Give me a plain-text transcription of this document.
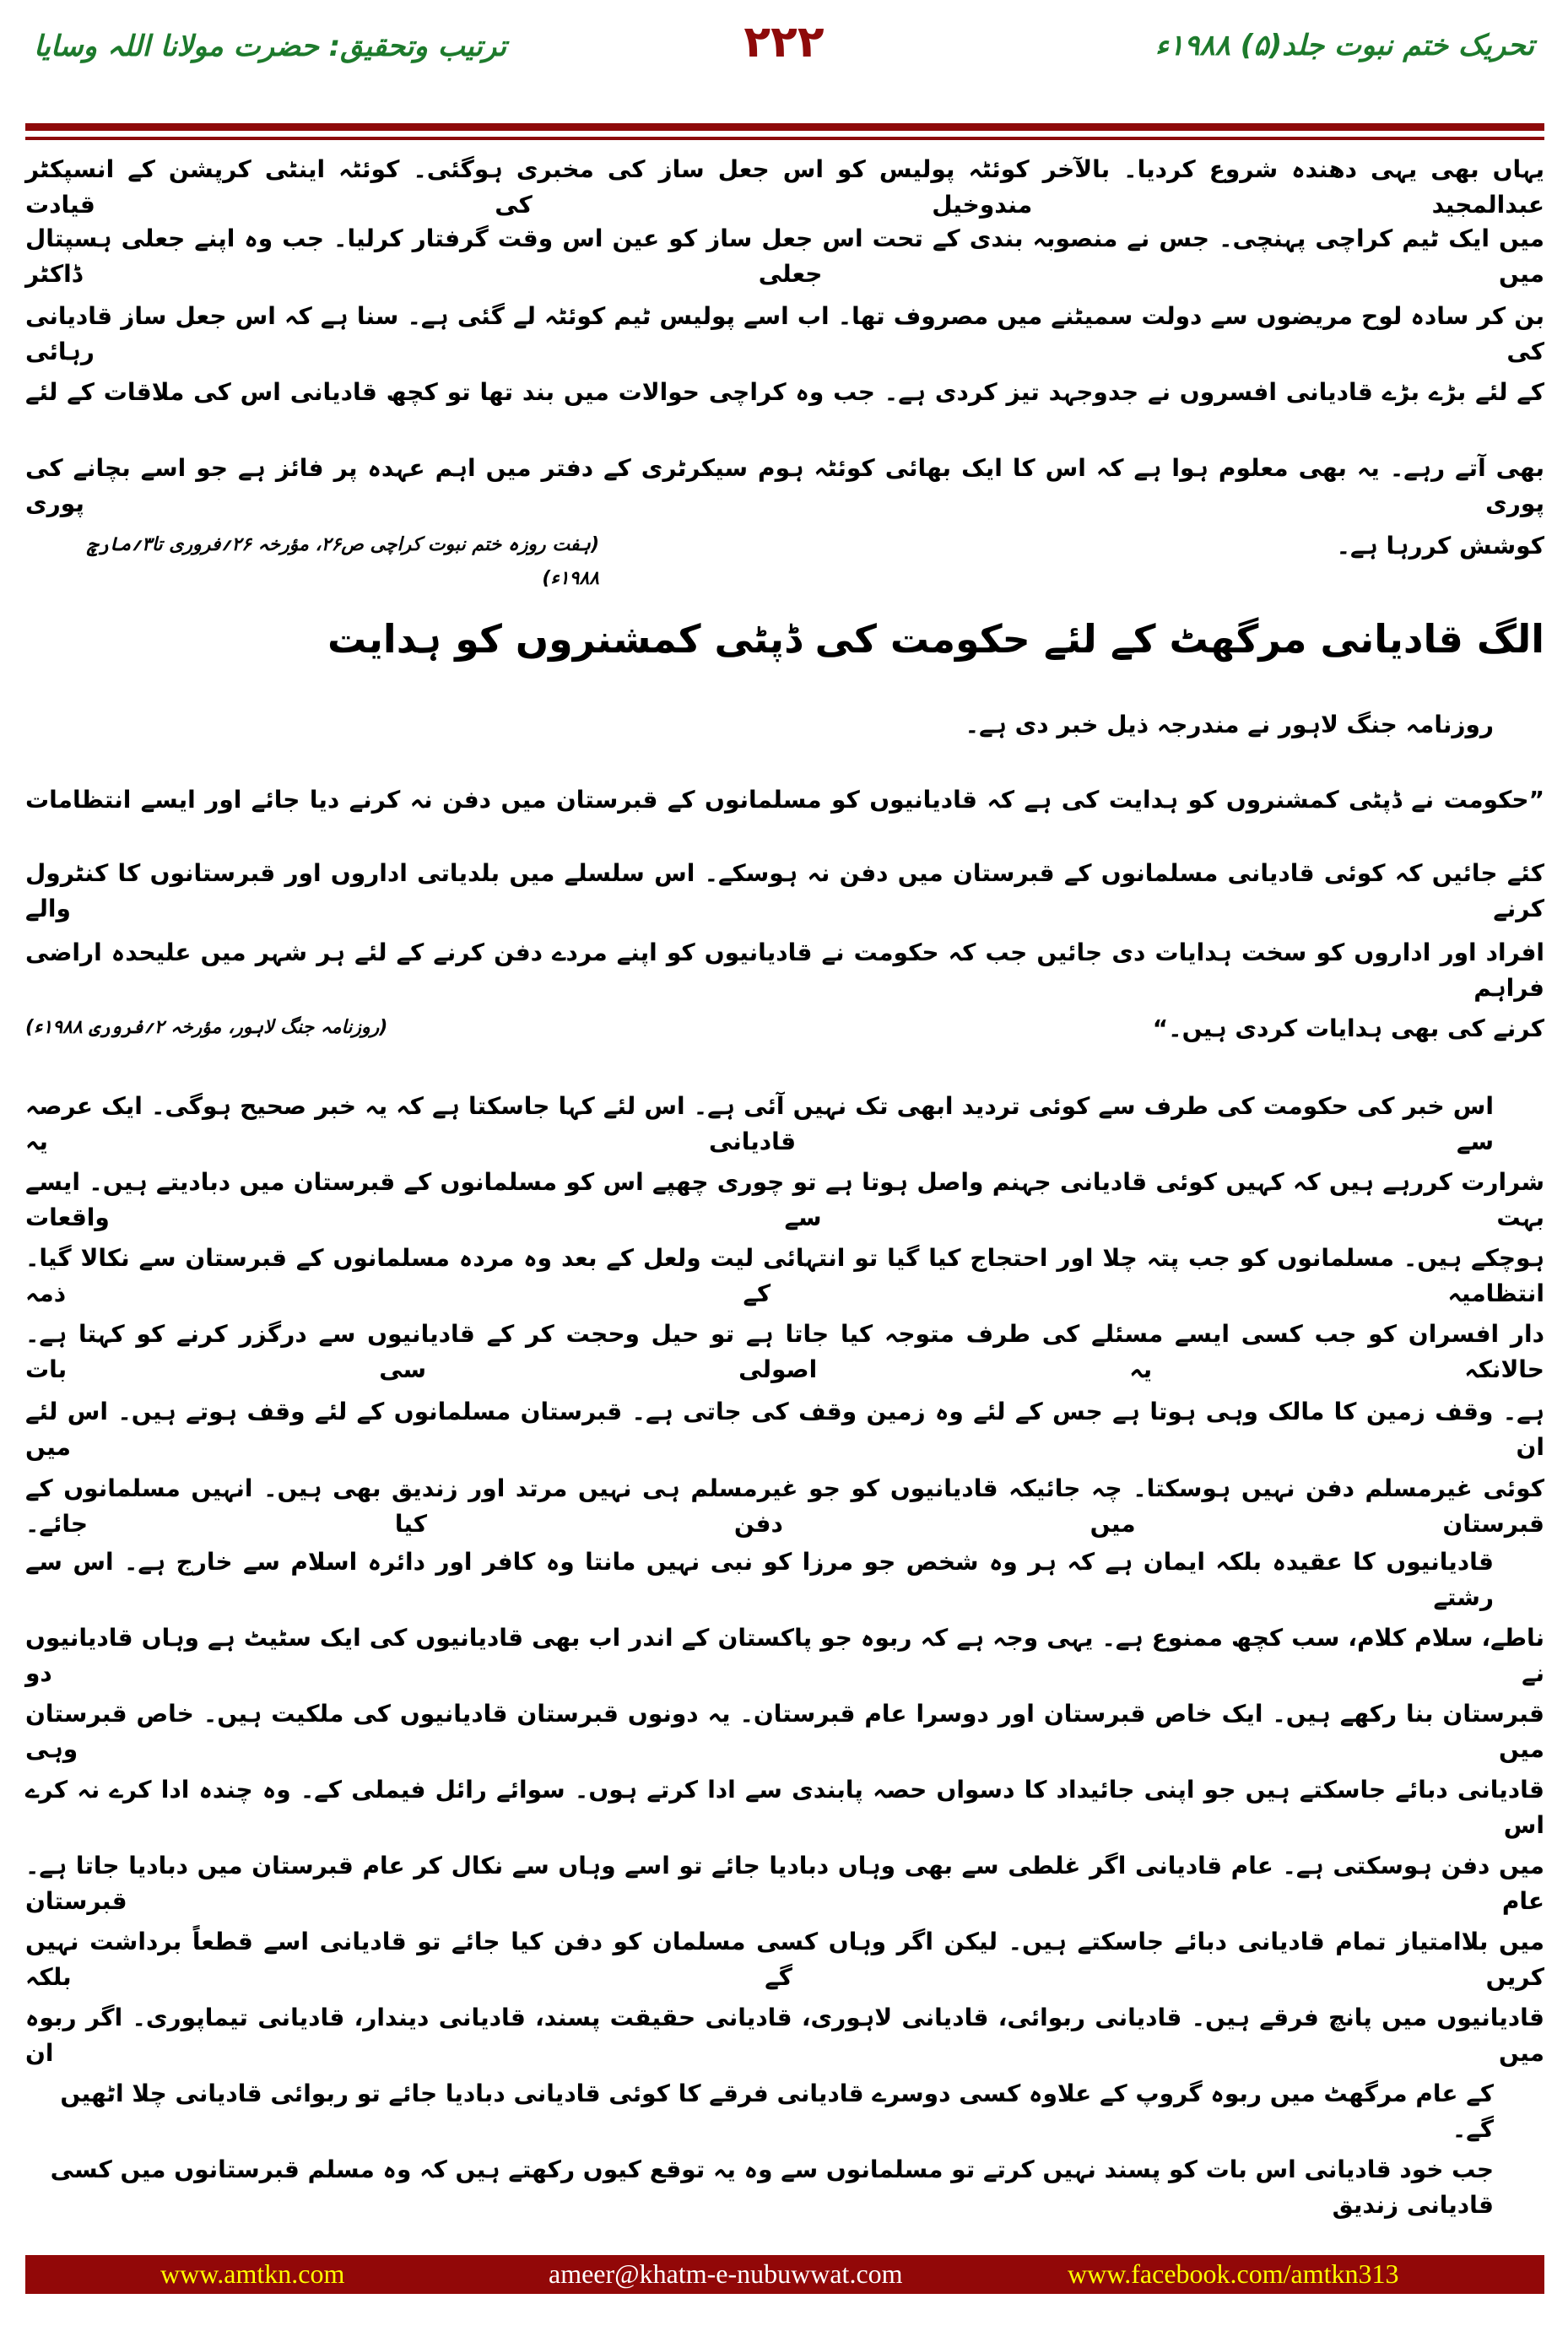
تحریک ختم نبوت جلد(۵) ۱۹۸۸ء
۲۲۲
ترتیب وتحقیق: حضرت مولانا اللہ وسایا
یہاں بھی یہی دھندہ شروع کردیا۔ بالآخر کوئٹہ پولیس کو اس جعل ساز کی مخبری ہوگئی۔ کوئٹہ اینٹی کرپشن کے انسپکٹر عبدالمجید مندوخیل کی قیادت
میں ایک ٹیم کراچی پہنچی۔ جس نے منصوبہ بندی کے تحت اس جعل ساز کو عین اس وقت گرفتار کرلیا۔ جب وہ اپنے جعلی ہسپتال میں جعلی ڈاکٹر
بن کر سادہ لوح مریضوں سے دولت سمیٹنے میں مصروف تھا۔ اب اسے پولیس ٹیم کوئٹہ لے گئی ہے۔ سنا ہے کہ اس جعل ساز قادیانی کی رہائی
کے لئے بڑے بڑے قادیانی افسروں نے جدوجہد تیز کردی ہے۔ جب وہ کراچی حوالات میں بند تھا تو کچھ قادیانی اس کی ملاقات کے لئے
بھی آتے رہے۔ یہ بھی معلوم ہوا ہے کہ اس کا ایک بھائی کوئٹہ ہوم سیکرٹری کے دفتر میں اہم عہدہ پر فائز ہے جو اسے بچانے کی پوری پوری
کوشش کررہا ہے۔
(ہفت روزہ ختم نبوت کراچی ص۲۶، مؤرخہ ۲۶؍فروری تا۳؍مارچ ۱۹۸۸ء)
الگ قادیانی مرگھٹ کے لئے حکومت کی ڈپٹی کمشنروں کو ہدایت
روزنامہ جنگ لاہور نے مندرجہ ذیل خبر دی ہے۔
”حکومت نے ڈپٹی کمشنروں کو ہدایت کی ہے کہ قادیانیوں کو مسلمانوں کے قبرستان میں دفن نہ کرنے دیا جائے اور ایسے انتظامات
کئے جائیں کہ کوئی قادیانی مسلمانوں کے قبرستان میں دفن نہ ہوسکے۔ اس سلسلے میں بلدیاتی اداروں اور قبرستانوں کا کنٹرول کرنے والے
افراد اور اداروں کو سخت ہدایات دی جائیں جب کہ حکومت نے قادیانیوں کو اپنے مردے دفن کرنے کے لئے ہر شہر میں علیحدہ اراضی فراہم
کرنے کی بھی ہدایات کردی ہیں۔“
(روزنامہ جنگ لاہور، مؤرخہ ۲؍فروری ۱۹۸۸ء)
اس خبر کی حکومت کی طرف سے کوئی تردید ابھی تک نہیں آئی ہے۔ اس لئے کہا جاسکتا ہے کہ یہ خبر صحیح ہوگی۔ ایک عرصہ سے قادیانی یہ
شرارت کررہے ہیں کہ کہیں کوئی قادیانی جہنم واصل ہوتا ہے تو چوری چھپے اس کو مسلمانوں کے قبرستان میں دبادیتے ہیں۔ ایسے بہت سے واقعات
ہوچکے ہیں۔ مسلمانوں کو جب پتہ چلا اور احتجاج کیا گیا تو انتہائی لیت ولعل کے بعد وہ مردہ مسلمانوں کے قبرستان سے نکالا گیا۔ انتظامیہ کے ذمہ
دار افسران کو جب کسی ایسے مسئلے کی طرف متوجہ کیا جاتا ہے تو حیل وحجت کر کے قادیانیوں سے درگزر کرنے کو کہتا ہے۔ حالانکہ یہ اصولی سی بات
ہے۔ وقف زمین کا مالک وہی ہوتا ہے جس کے لئے وہ زمین وقف کی جاتی ہے۔ قبرستان مسلمانوں کے لئے وقف ہوتے ہیں۔ اس لئے ان میں
کوئی غیرمسلم دفن نہیں ہوسکتا۔ چہ جائیکہ قادیانیوں کو جو غیرمسلم ہی نہیں مرتد اور زندیق بھی ہیں۔ انہیں مسلمانوں کے قبرستان میں دفن کیا جائے۔
قادیانیوں کا عقیدہ بلکہ ایمان ہے کہ ہر وہ شخص جو مرزا کو نبی نہیں مانتا وہ کافر اور دائرہ اسلام سے خارج ہے۔ اس سے رشتے
ناطے، سلام کلام، سب کچھ ممنوع ہے۔ یہی وجہ ہے کہ ربوہ جو پاکستان کے اندر اب بھی قادیانیوں کی ایک سٹیٹ ہے وہاں قادیانیوں نے دو
قبرستان بنا رکھے ہیں۔ ایک خاص قبرستان اور دوسرا عام قبرستان۔ یہ دونوں قبرستان قادیانیوں کی ملکیت ہیں۔ خاص قبرستان میں وہی
قادیانی دبائے جاسکتے ہیں جو اپنی جائیداد کا دسواں حصہ پابندی سے ادا کرتے ہوں۔ سوائے رائل فیملی کے۔ وہ چندہ ادا کرے نہ کرے اس
میں دفن ہوسکتی ہے۔ عام قادیانی اگر غلطی سے بھی وہاں دبادیا جائے تو اسے وہاں سے نکال کر عام قبرستان میں دبادیا جاتا ہے۔ عام قبرستان
میں بلاامتیاز تمام قادیانی دبائے جاسکتے ہیں۔ لیکن اگر وہاں کسی مسلمان کو دفن کیا جائے تو قادیانی اسے قطعاً برداشت نہیں کریں گے بلکہ
قادیانیوں میں پانچ فرقے ہیں۔ قادیانی ربوائی، قادیانی لاہوری، قادیانی حقیقت پسند، قادیانی دیندار، قادیانی تیماپوری۔ اگر ربوہ میں ان
کے عام مرگھٹ میں ربوہ گروپ کے علاوہ کسی دوسرے قادیانی فرقے کا کوئی قادیانی دبادیا جائے تو ربوائی قادیانی چلا اٹھیں گے۔
جب خود قادیانی اس بات کو پسند نہیں کرتے تو مسلمانوں سے وہ یہ توقع کیوں رکھتے ہیں کہ وہ مسلم قبرستانوں میں کسی قادیانی زندیق
www.amtkn.com	ameer@khatm-e-nubuwwat.com	www.facebook.com/amtkn313
